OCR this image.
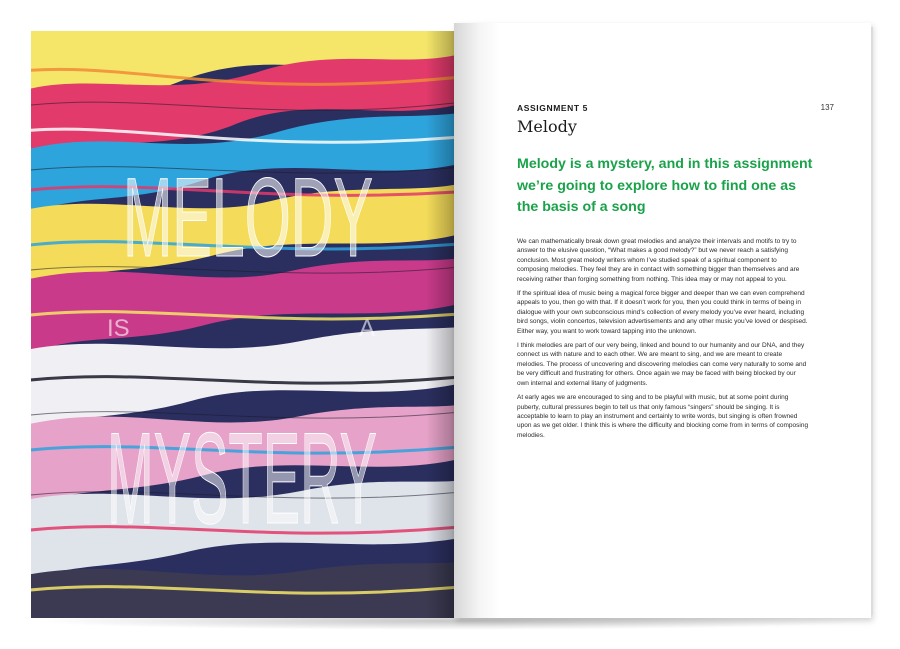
MELODY
IS	A
MYSTERY
ASSIGNMENT 5	137
Melody
Melody is a mystery, and in this assignment we’re going to explore how to find one as the basis of a song

We can mathematically break down great melodies and analyze their intervals and motifs to try to answer to the elusive question, “What makes a good melody?” but we never reach a satisfying conclusion. Most great melody writers whom I’ve studied speak of a spiritual component to composing melodies. They feel they are in contact with something bigger than themselves and are receiving rather than forging something from nothing. This idea may or may not appeal to you.

If the spiritual idea of music being a magical force bigger and deeper than we can even comprehend appeals to you, then go with that. If it doesn’t work for you, then you could think in terms of being in dialogue with your own subconscious mind’s collection of every melody you’ve ever heard, including bird songs, violin concertos, television advertisements and any other music you’ve loved or despised. Either way, you want to work toward tapping into the unknown.

I think melodies are part of our very being, linked and bound to our humanity and our DNA, and they connect us with nature and to each other. We are meant to sing, and we are meant to create melodies. The process of uncovering and discovering melodies can come very naturally to some and be very difficult and frustrating for others. Once again we may be faced with being blocked by our own internal and external litany of judgments.

At early ages we are encouraged to sing and to be playful with music, but at some point during puberty, cultural pressures begin to tell us that only famous “singers” should be singing. It is acceptable to learn to play an instrument and certainly to write words, but singing is often frowned upon as we get older. I think this is where the difficulty and blocking come from in terms of composing melodies.
